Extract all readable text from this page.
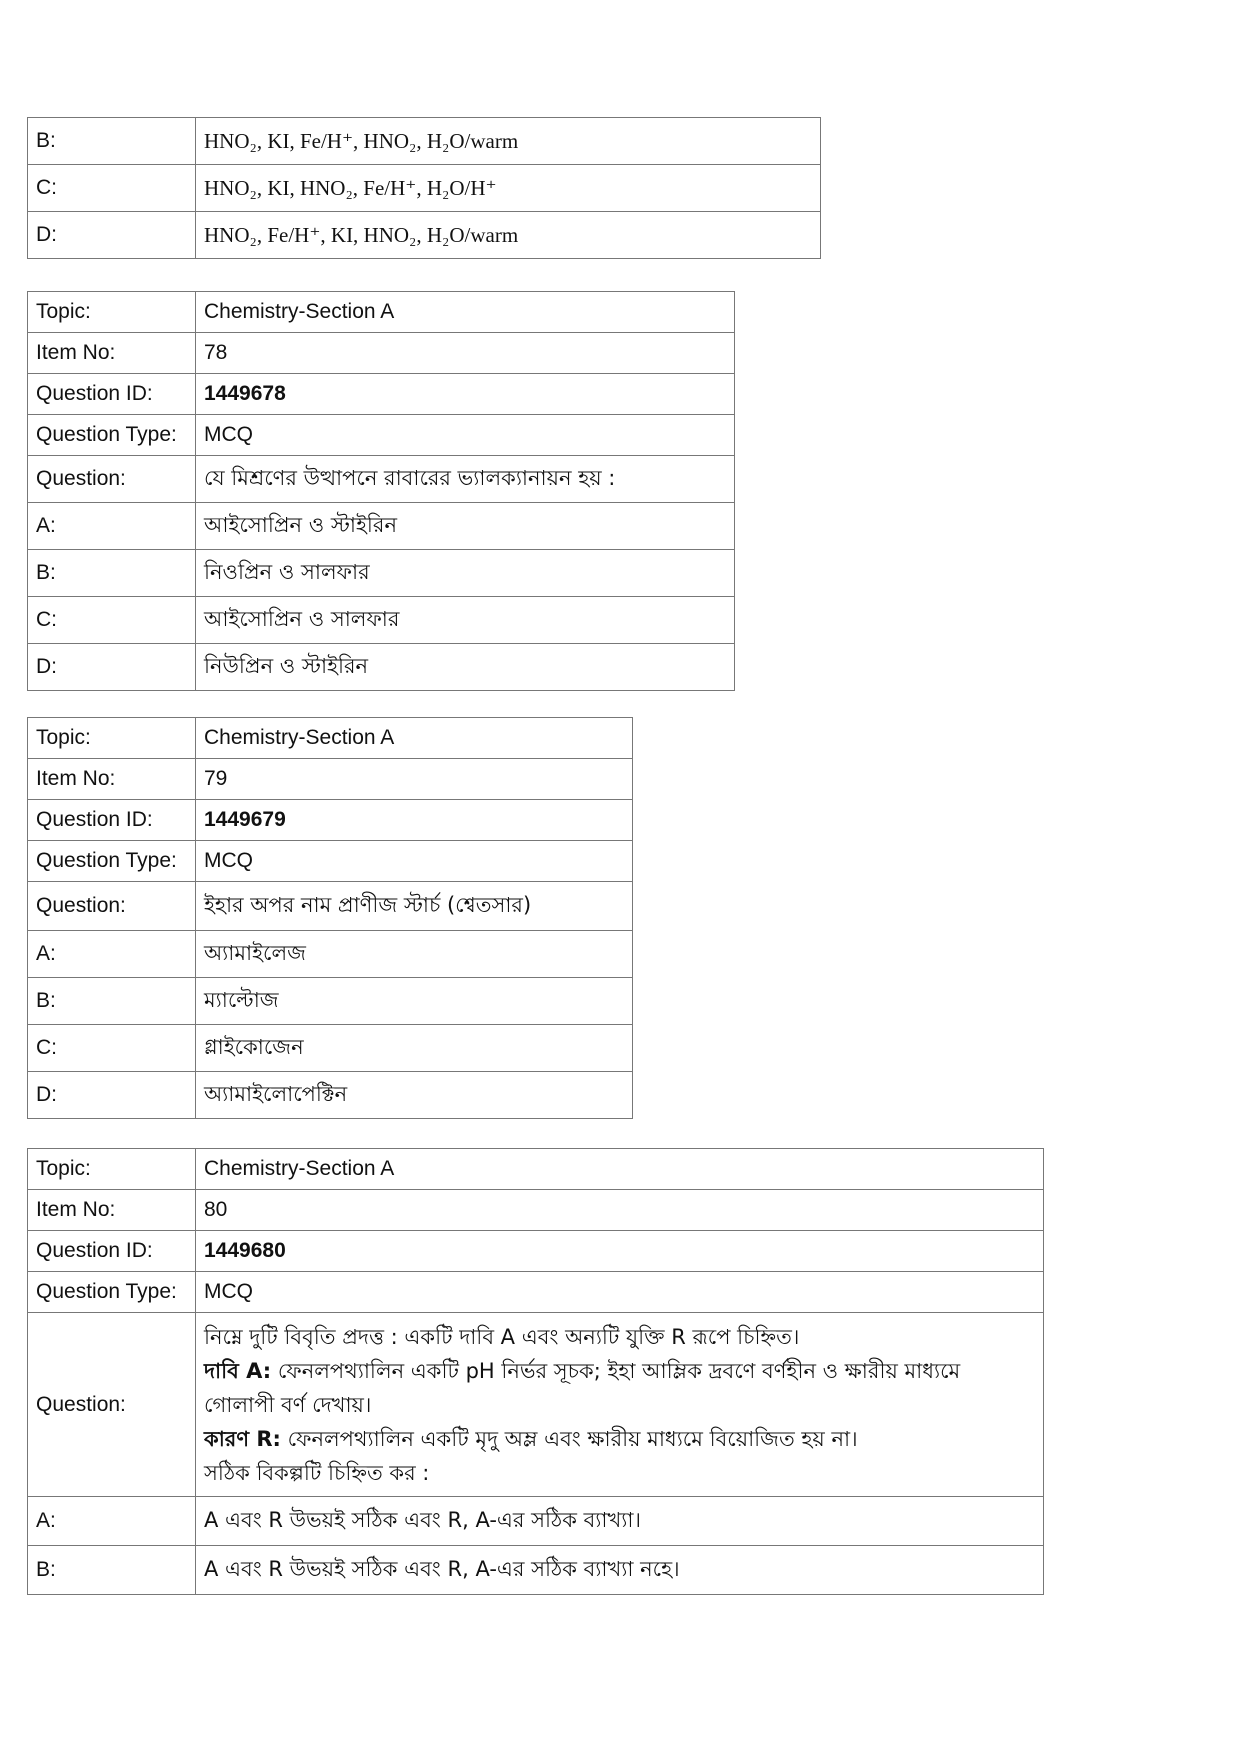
B:	HNO₂, KI, Fe/H⁺, HNO₂, H₂O/warm
C:	HNO₂, KI, HNO₂, Fe/H⁺, H₂O/H⁺
D:	HNO₂, Fe/H⁺, KI, HNO₂, H₂O/warm
Topic:	Chemistry-Section A
Item No:	78
Question ID:	1449678
Question Type:	MCQ
Question:	যে মিশ্রণের উত্থাপনে রাবারের ভ্যালক্যানায়ন হয় :
A:	আইসোপ্রিন ও স্টাইরিন
B:	নিওপ্রিন ও সালফার
C:	আইসোপ্রিন ও সালফার
D:	নিউপ্রিন ও স্টাইরিন
Topic:	Chemistry-Section A
Item No:	79
Question ID:	1449679
Question Type:	MCQ
Question:	ইহার অপর নাম প্রাণীজ স্টার্চ (শ্বেতসার)
A:	অ্যামাইলেজ
B:	ম্যাল্টোজ
C:	গ্লাইকোজেন
D:	অ্যামাইলোপেক্টিন
Topic:	Chemistry-Section A
Item No:	80
Question ID:	1449680
Question Type:	MCQ
Question:	নিম্নে দুটি বিবৃতি প্রদত্ত : একটি দাবি A এবং অন্যটি যুক্তি R রূপে চিহ্নিত।
দাবি A: ফেনলপথ্যালিন একটি pH নির্ভর সূচক; ইহা আম্লিক দ্রবণে বর্ণহীন ও ক্ষারীয় মাধ্যমে গোলাপী বর্ণ দেখায়।
কারণ R: ফেনলপথ্যালিন একটি মৃদু অম্ল এবং ক্ষারীয় মাধ্যমে বিয়োজিত হয় না।
সঠিক বিকল্পটি চিহ্নিত কর :

A:	A এবং R উভয়ই সঠিক এবং R, A-এর সঠিক ব্যাখ্যা।
B:	A এবং R উভয়ই সঠিক এবং R, A-এর সঠিক ব্যাখ্যা নহে।
